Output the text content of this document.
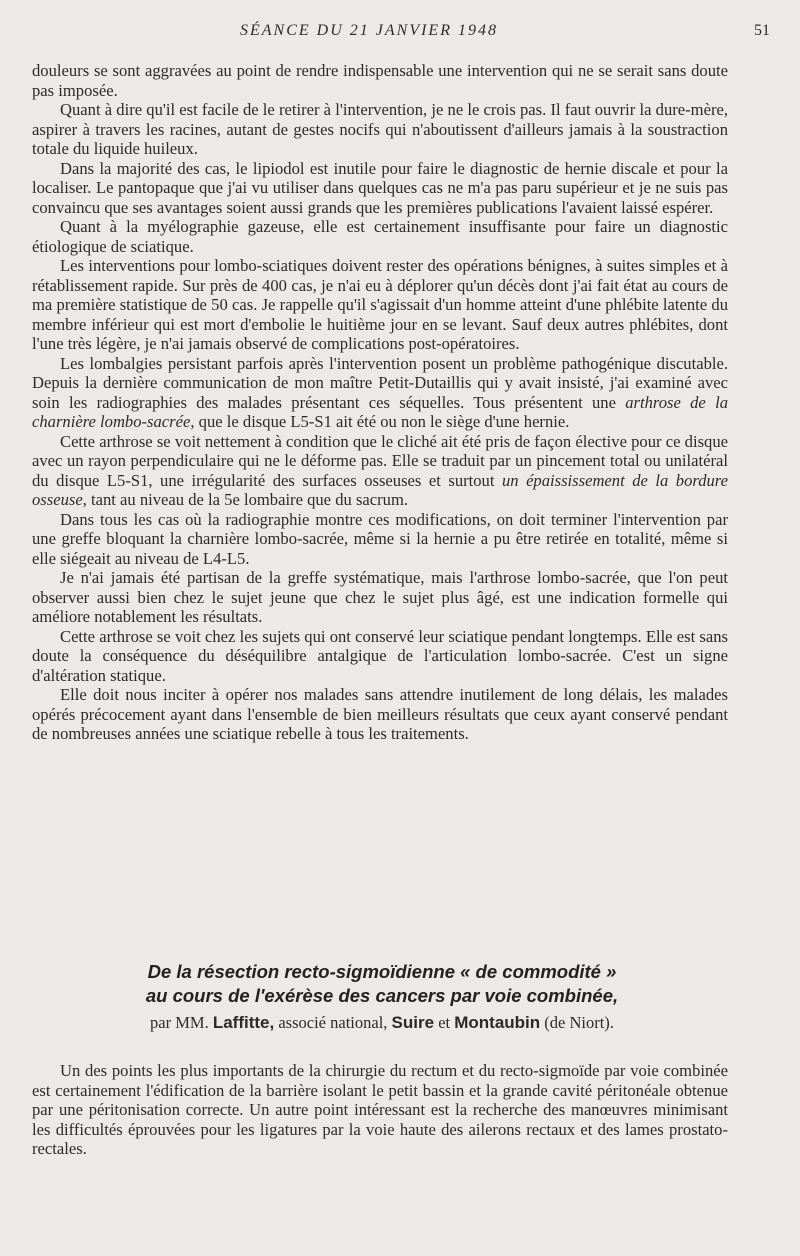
SÉANCE DU 21 JANVIER 1948	51

douleurs se sont aggravées au point de rendre indispensable une intervention qui ne se serait sans doute pas imposée.

Quant à dire qu'il est facile de le retirer à l'intervention, je ne le crois pas. Il faut ouvrir la dure-mère, aspirer à travers les racines, autant de gestes nocifs qui n'aboutissent d'ailleurs jamais à la soustraction totale du liquide huileux.

Dans la majorité des cas, le lipiodol est inutile pour faire le diagnostic de hernie discale et pour la localiser. Le pantopaque que j'ai vu utiliser dans quelques cas ne m'a pas paru supérieur et je ne suis pas convaincu que ses avantages soient aussi grands que les premières publications l'avaient laissé espérer.

Quant à la myélographie gazeuse, elle est certainement insuffisante pour faire un diagnostic étiologique de sciatique.

Les interventions pour lombo-sciatiques doivent rester des opérations bénignes, à suites simples et à rétablissement rapide. Sur près de 400 cas, je n'ai eu à déplorer qu'un décès dont j'ai fait état au cours de ma première statistique de 50 cas. Je rappelle qu'il s'agissait d'un homme atteint d'une phlébite latente du membre inférieur qui est mort d'embolie le huitième jour en se levant. Sauf deux autres phlébites, dont l'une très légère, je n'ai jamais observé de complications post-opératoires.

Les lombalgies persistant parfois après l'intervention posent un problème pathogénique discutable. Depuis la dernière communication de mon maître Petit-Dutaillis qui y avait insisté, j'ai examiné avec soin les radiographies des malades présentant ces séquelles. Tous présentent une arthrose de la charnière lombo-sacrée, que le disque L5-S1 ait été ou non le siège d'une hernie.

Cette arthrose se voit nettement à condition que le cliché ait été pris de façon élective pour ce disque avec un rayon perpendiculaire qui ne le déforme pas. Elle se traduit par un pincement total ou unilatéral du disque L5-S1, une irrégularité des surfaces osseuses et surtout un épaississement de la bordure osseuse, tant au niveau de la 5e lombaire que du sacrum.

Dans tous les cas où la radiographie montre ces modifications, on doit terminer l'intervention par une greffe bloquant la charnière lombo-sacrée, même si la hernie a pu être retirée en totalité, même si elle siégeait au niveau de L4-L5.

Je n'ai jamais été partisan de la greffe systématique, mais l'arthrose lombo-sacrée, que l'on peut observer aussi bien chez le sujet jeune que chez le sujet plus âgé, est une indication formelle qui améliore notablement les résultats.

Cette arthrose se voit chez les sujets qui ont conservé leur sciatique pendant longtemps. Elle est sans doute la conséquence du déséquilibre antalgique de l'articulation lombo-sacrée. C'est un signe d'altération statique.

Elle doit nous inciter à opérer nos malades sans attendre inutilement de long délais, les malades opérés précocement ayant dans l'ensemble de bien meilleurs résultats que ceux ayant conservé pendant de nombreuses années une sciatique rebelle à tous les traitements.

De la résection recto-sigmoïdienne « de commodité »
au cours de l'exérèse des cancers par voie combinée,
par MM. Laffitte, associé national, Suire et Montaubin (de Niort).

Un des points les plus importants de la chirurgie du rectum et du recto-sigmoïde par voie combinée est certainement l'édification de la barrière isolant le petit bassin et la grande cavité péritonéale obtenue par une péritonisation correcte. Un autre point intéressant est la recherche des manœuvres minimisant les difficultés éprouvées pour les ligatures par la voie haute des ailerons rectaux et des lames prostato-rectales.
